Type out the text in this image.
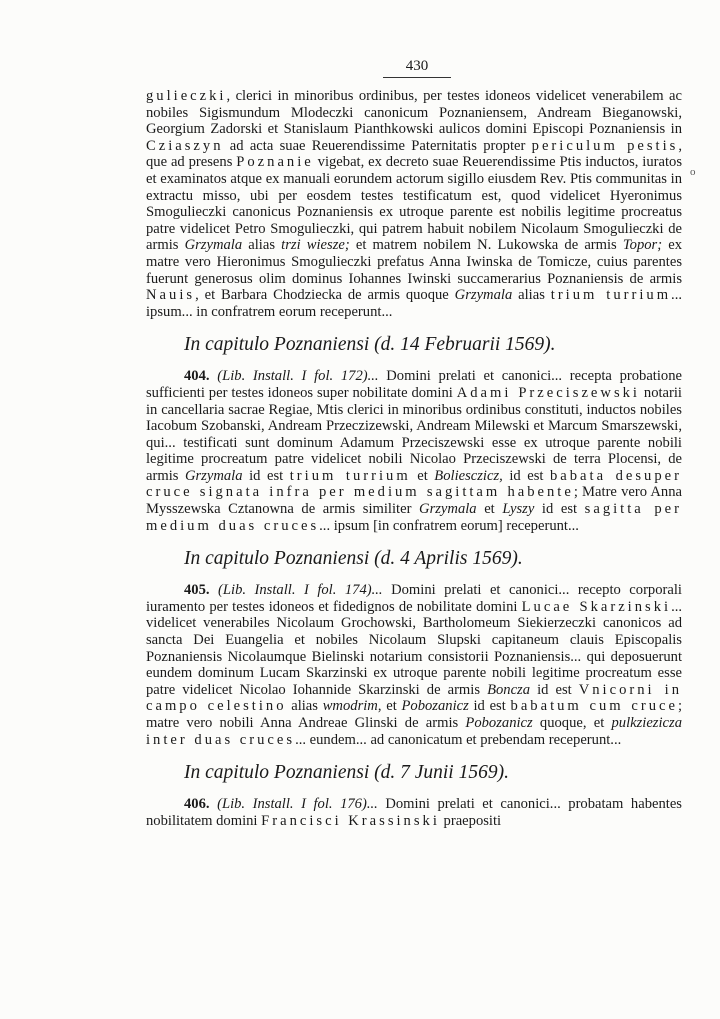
430
o

gulieczki, clerici in minoribus ordinibus, per testes idoneos videlicet venerabilem ac nobiles Sigismundum Mlodeczki canonicum Poznaniensem, Andream Bieganowski, Georgium Zadorski et Stanislaum Pianthkowski aulicos domini Episcopi Poznaniensis in Cziaszyn ad acta suae Reuerendissime Paternitatis propter periculum pestis, que ad presens Poznanie vigebat, ex decreto suae Reuerendissime Ptis inductos, iuratos et examinatos atque ex manuali eorundem actorum sigillo eiusdem Rev. Ptis communitas in extractu misso, ubi per eosdem testes testificatum est, quod videlicet Hyeronimus Smogulieczki canonicus Poznaniensis ex utroque parente est nobilis legitime procreatus patre videlicet Petro Smogulieczki, qui patrem habuit nobilem Nicolaum Smogulieczki de armis Grzymala alias trzi wiesze; et matrem nobilem N. Lukowska de armis Topor; ex matre vero Hieronimus Smogulieczki prefatus Anna Iwinska de Tomicze, cuius parentes fuerunt generosus olim dominus Iohannes Iwinski succamerarius Poznaniensis de armis Nauis, et Barbara Chodziecka de armis quoque Grzymala alias trium turrium... ipsum... in confratrem eorum receperunt...

In capitulo Poznaniensi (d. 14 Februarii 1569).

404. (Lib. Install. I fol. 172)... Domini prelati et canonici... recepta probatione sufficienti per testes idoneos super nobilitate domini Adami Przeciszewski notarii in cancellaria sacrae Regiae, Mtis clerici in minoribus ordinibus constituti, inductos nobiles Iacobum Szobanski, Andream Przeczizewski, Andream Milewski et Marcum Smarszewski, qui... testificati sunt dominum Adamum Przeciszewski esse ex utroque parente nobili legitime procreatum patre videlicet nobili Nicolao Przeciszewski de terra Plocensi, de armis Grzymala id est trium turrium et Boliesczicz, id est babata desuper cruce signata infra per medium sagittam habente; Matre vero Anna Mysszewska Cztanowna de armis similiter Grzymala et Lyszy id est sagitta per medium duas cruces... ipsum [in confratrem eorum] receperunt...

In capitulo Poznaniensi (d. 4 Aprilis 1569).

405. (Lib. Install. I fol. 174)... Domini prelati et canonici... recepto corporali iuramento per testes idoneos et fidedignos de nobilitate domini Lucae Skarzinski... videlicet venerabiles Nicolaum Grochowski, Bartholomeum Siekierzeczki canonicos ad sancta Dei Euangelia et nobiles Nicolaum Slupski capitaneum clauis Episcopalis Poznaniensis Nicolaumque Bielinski notarium consistorii Poznaniensis... qui deposuerunt eundem dominum Lucam Skarzinski ex utroque parente nobili legitime procreatum esse patre videlicet Nicolao Iohannide Skarzinski de armis Bonсza id est Vnicorni in campo celestino alias wmodrim, et Pobozanicz id est babatum cum cruce; matre vero nobili Anna Andreae Glinski de armis Pobozanicz quoque, et pulkziezicza inter duas cruces... eundem... ad canonicatum et prebendam receperunt...

In capitulo Poznaniensi (d. 7 Junii 1569).

406. (Lib. Install. I fol. 176)... Domini prelati et canonici... probatam habentes nobilitatem domini Francisci Krassinski praepositi
